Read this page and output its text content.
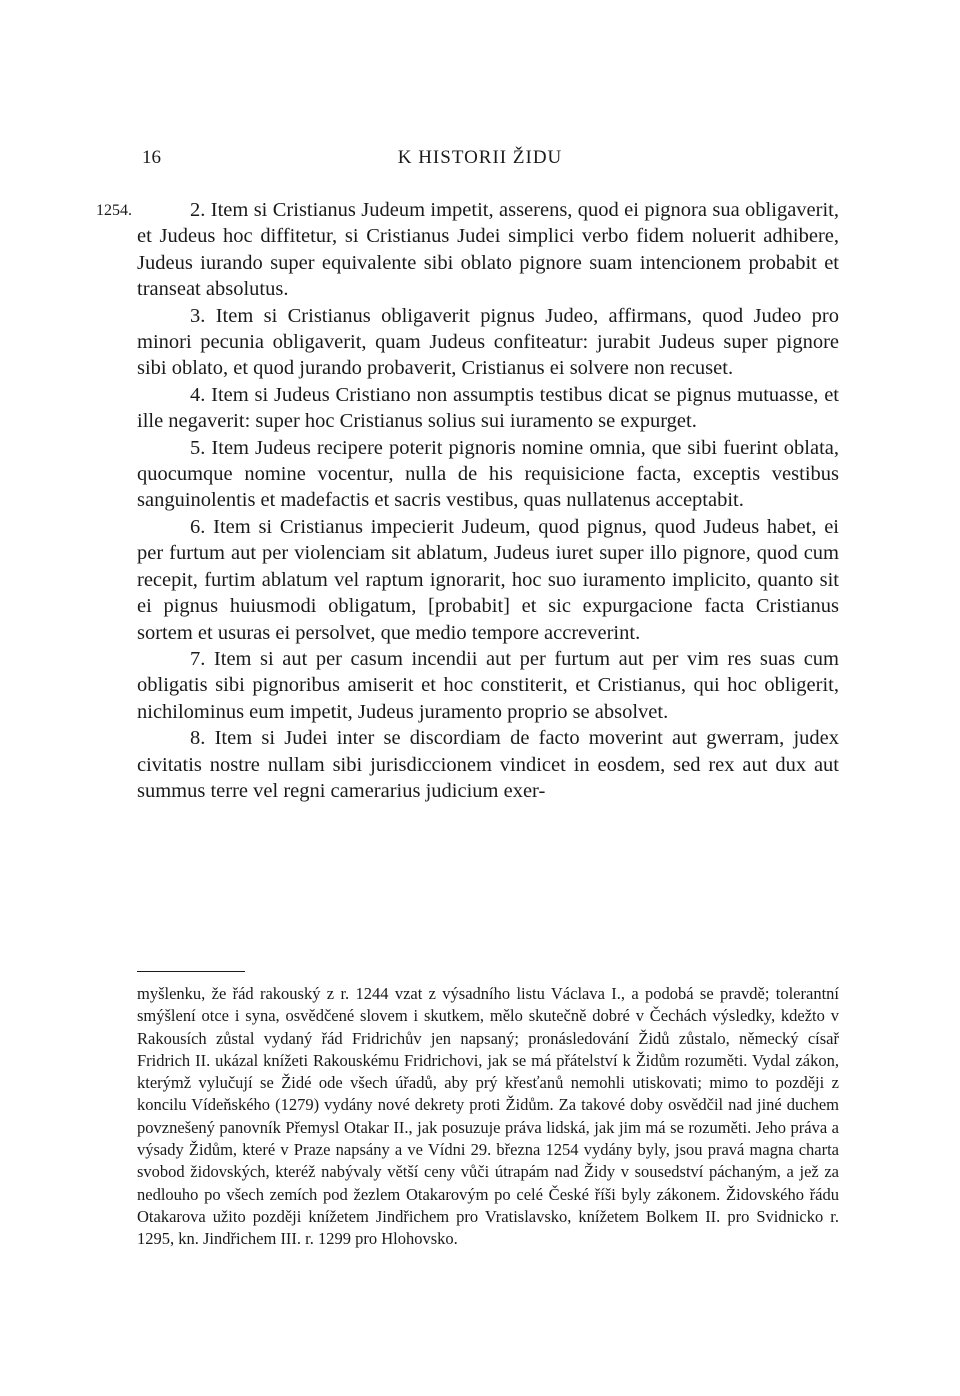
16	K HISTORII ŽIDU
1254.	2. Item si Cristianus Judeum impetit, asserens, quod ei pignora sua obligaverit, et Judeus hoc diffitetur, si Cristianus Judei simplici verbo fidem noluerit adhibere, Judeus iurando super equivalente sibi oblato pignore suam intencionem probabit et transeat absolutus.

3. Item si Cristianus obligaverit pignus Judeo, affirmans, quod Judeo pro minori pecunia obligaverit, quam Judeus confiteatur: jurabit Judeus super pignore sibi oblato, et quod jurando probaverit, Cristianus ei solvere non recuset.

4. Item si Judeus Cristiano non assumptis testibus dicat se pignus mutuasse, et ille negaverit: super hoc Cristianus solius sui iuramento se expurget.

5. Item Judeus recipere poterit pignoris nomine omnia, que sibi fuerint oblata, quocumque nomine vocentur, nulla de his requisicione facta, exceptis vestibus sanguinolentis et madefactis et sacris vestibus, quas nullatenus acceptabit.

6. Item si Cristianus impecierit Judeum, quod pignus, quod Judeus habet, ei per furtum aut per violenciam sit ablatum, Judeus iuret super illo pignore, quod cum recepit, furtim ablatum vel raptum ignorarit, hoc suo iuramento implicito, quanto sit ei pignus huiusmodi obligatum, [probabit] et sic expurgacione facta Cristianus sortem et usuras ei persolvet, que medio tempore accreverint.

7. Item si aut per casum incendii aut per furtum aut per vim res suas cum obligatis sibi pignoribus amiserit et hoc constiterit, et Cristianus, qui hoc obligerit, nichilominus eum impetit, Judeus juramento proprio se absolvet.

8. Item si Judei inter se discordiam de facto moverint aut gwerram, judex civitatis nostre nullam sibi jurisdiccionem vindicet in eosdem, sed rex aut dux aut summus terre vel regni camerarius judicium exer-

myšlenku, že řád rakouský z r. 1244 vzat z výsadního listu Václava I., a podobá se pravdě; tolerantní smýšlení otce i syna, osvědčené slovem i skutkem, mělo skutečně dobré v Čechách výsledky, kdežto v Rakousích zůstal vydaný řád Fridrichův jen napsaný; pronásledování Židů zůstalo, německý císař Fridrich II. ukázal knížeti Rakouskému Fridrichovi, jak se má přátelství k Židům rozuměti. Vydal zákon, kterýmž vylučují se Židé ode všech úřadů, aby prý křesťanů nemohli utiskovati; mimo to později z koncilu Vídeňského (1279) vydány nové dekrety proti Židům. Za takové doby osvědčil nad jiné duchem povznešený panovník Přemysl Otakar II., jak posuzuje práva lidská, jak jim má se rozuměti. Jeho práva a výsady Židům, které v Praze napsány a ve Vídni 29. března 1254 vydány byly, jsou pravá magna charta svobod židovských, kteréž nabývaly větší ceny vůči útrapám nad Židy v sousedství páchaným, a jež za nedlouho po všech zemích pod žezlem Otakarovým po celé České říši byly zákonem. Židovského řádu Otakarova užito později knížetem Jindřichem pro Vratislavsko, knížetem Bolkem II. pro Svidnicko r. 1295, kn. Jindřichem III. r. 1299 pro Hlohovsko.
